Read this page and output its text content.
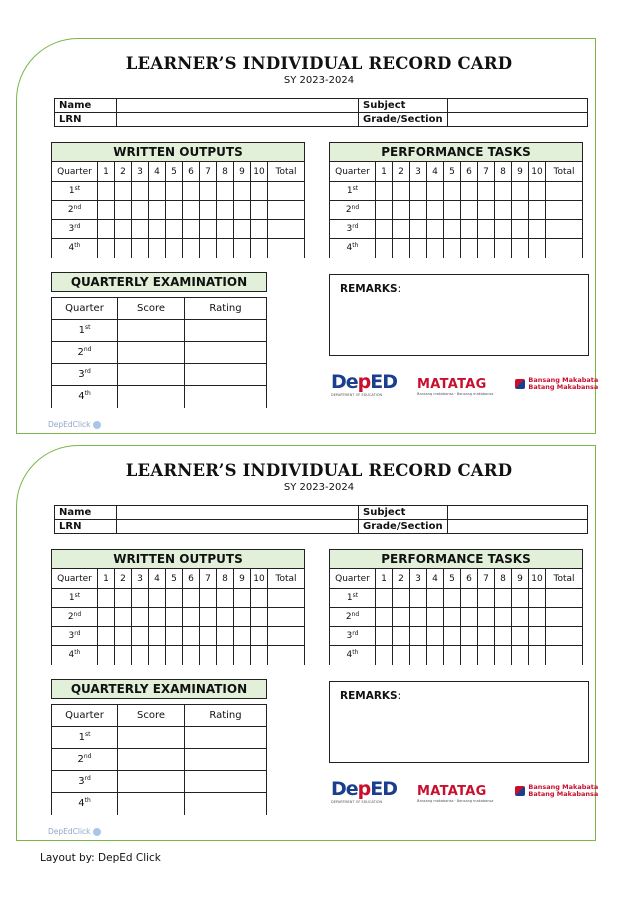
LEARNER’S INDIVIDUAL RECORD CARD
SY 2023-2024
Name		Subject	
LRN		Grade/Section	
WRITTEN OUTPUTS
Quarter	1	2	3	4	5	6	7	8	9	10	Total
1st											
2nd											
3rd											
4th											
PERFORMANCE TASKS
Quarter	1	2	3	4	5	6	7	8	9	10	Total
1st											
2nd											
3rd											
4th											
QUARTERLY EXAMINATION
Quarter	Score	Rating
1st		
2nd		
3rd		
4th		
REMARKS:
DepED
DEPARTMENT OF EDUCATION
MATATAG
Bansang makabansa · Bansang makabansa
Bansang Makabata
Batang Makabansa
DepEdClick
LEARNER’S INDIVIDUAL RECORD CARD
SY 2023-2024
Name		Subject	
LRN		Grade/Section	
WRITTEN OUTPUTS
Quarter	1	2	3	4	5	6	7	8	9	10	Total
1st											
2nd											
3rd											
4th											
PERFORMANCE TASKS
Quarter	1	2	3	4	5	6	7	8	9	10	Total
1st											
2nd											
3rd											
4th											
QUARTERLY EXAMINATION
Quarter	Score	Rating
1st		
2nd		
3rd		
4th		
REMARKS:
DepED
DEPARTMENT OF EDUCATION
MATATAG
Bansang makabansa · Bansang makabansa
Bansang Makabata
Batang Makabansa
DepEdClick
Layout by: DepEd Click
